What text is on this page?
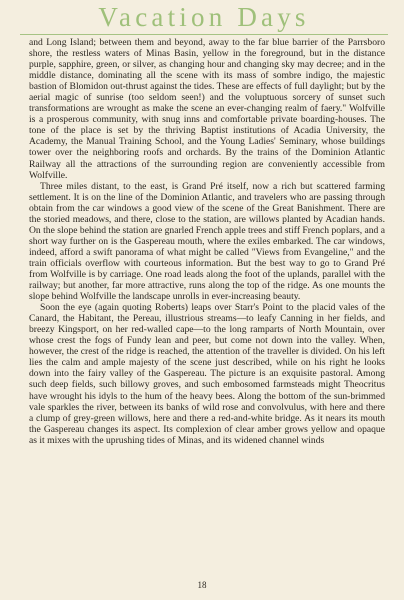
Vacation Days

and Long Island; between them and beyond, away to the far blue barrier of the Parrsboro shore, the restless waters of Minas Basin, yellow in the foreground, but in the distance purple, sapphire, green, or silver, as changing hour and changing sky may decree; and in the middle distance, dominating all the scene with its mass of sombre indigo, the majestic bastion of Blomidon out-thrust against the tides. These are effects of full daylight; but by the aerial magic of sunrise (too seldom seen!) and the voluptuous sorcery of sunset such transformations are wrought as make the scene an ever-changing realm of faery." Wolfville is a prosperous community, with snug inns and comfortable private boarding-houses. The tone of the place is set by the thriving Baptist institutions of Acadia University, the Academy, the Manual Training School, and the Young Ladies' Seminary, whose buildings tower over the neighboring roofs and orchards. By the trains of the Dominion Atlantic Railway all the attractions of the surrounding region are conveniently accessible from Wolfville.

Three miles distant, to the east, is Grand Pré itself, now a rich but scattered farming settlement. It is on the line of the Dominion Atlantic, and travelers who are passing through obtain from the car windows a good view of the scene of the Great Banishment. There are the storied meadows, and there, close to the station, are willows planted by Acadian hands. On the slope behind the station are gnarled French apple trees and stiff French poplars, and a short way further on is the Gaspereau mouth, where the exiles embarked. The car windows, indeed, afford a swift panorama of what might be called "Views from Evangeline," and the train officials overflow with courteous information. But the best way to go to Grand Pré from Wolfville is by carriage. One road leads along the foot of the uplands, parallel with the railway; but another, far more attractive, runs along the top of the ridge. As one mounts the slope behind Wolfville the landscape unrolls in ever-increasing beauty.

Soon the eye (again quoting Roberts) leaps over Starr's Point to the placid vales of the Canard, the Habitant, the Pereau, illustrious streams—to leafy Canning in her fields, and breezy Kingsport, on her red-walled cape—to the long ramparts of North Mountain, over whose crest the fogs of Fundy lean and peer, but come not down into the valley. When, however, the crest of the ridge is reached, the attention of the traveller is divided. On his left lies the calm and ample majesty of the scene just described, while on his right he looks down into the fairy valley of the Gaspereau. The picture is an exquisite pastoral. Among such deep fields, such billowy groves, and such embosomed farmsteads might Theocritus have wrought his idyls to the hum of the heavy bees. Along the bottom of the sun-brimmed vale sparkles the river, between its banks of wild rose and convolvulus, with here and there a clump of grey-green willows, here and there a red-and-white bridge. As it nears its mouth the Gaspereau changes its aspect. Its complexion of clear amber grows yellow and opaque as it mixes with the uprushing tides of Minas, and its widened channel winds

18
